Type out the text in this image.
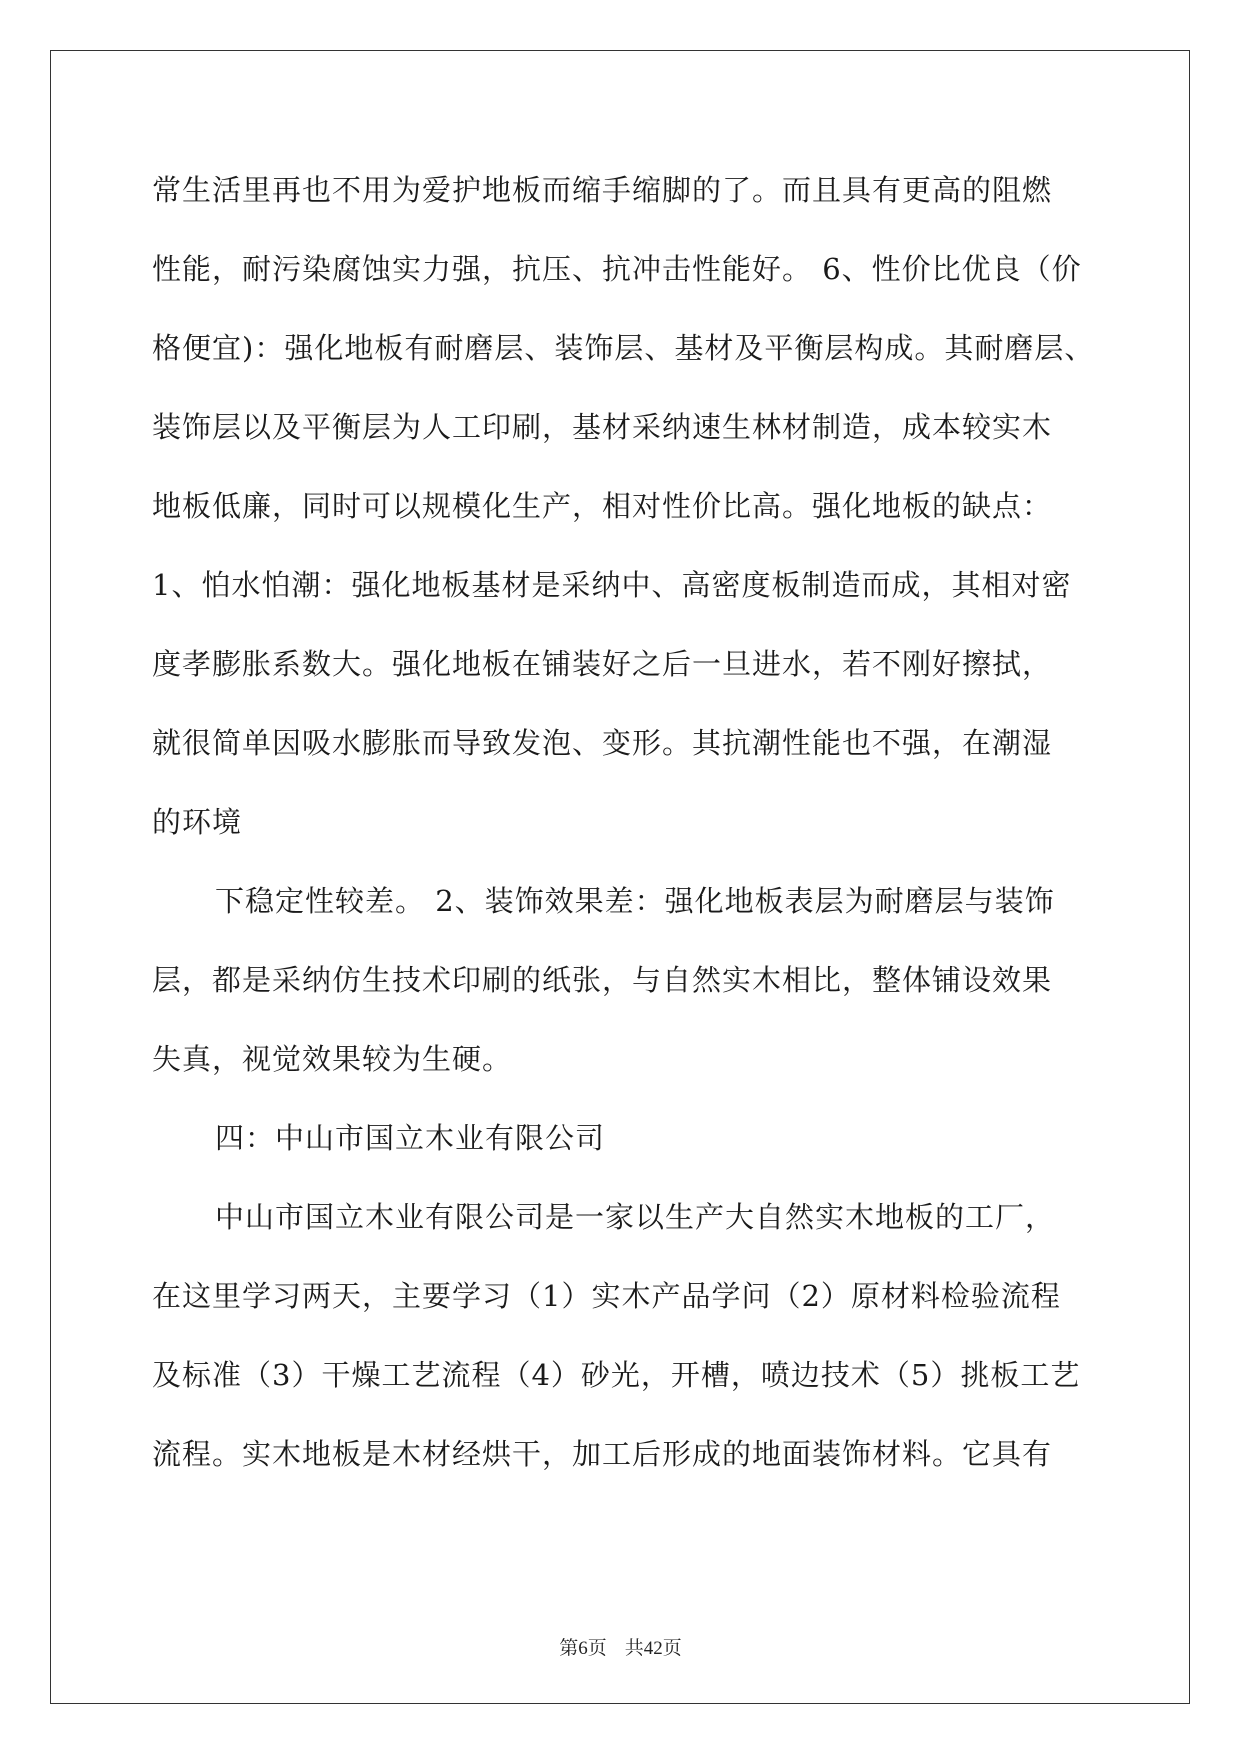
常生活里再也不用为爱护地板而缩手缩脚的了。而且具有更高的阻燃
性能，耐污染腐蚀实力强，抗压、抗冲击性能好。 6、性价比优良（价
格便宜)：强化地板有耐磨层、装饰层、基材及平衡层构成。其耐磨层、
装饰层以及平衡层为人工印刷，基材采纳速生林材制造，成本较实木
地板低廉，同时可以规模化生产，相对性价比高。强化地板的缺点：
1、怕水怕潮：强化地板基材是采纳中、高密度板制造而成，其相对密
度孝膨胀系数大。强化地板在铺装好之后一旦进水，若不刚好擦拭，
就很简单因吸水膨胀而导致发泡、变形。其抗潮性能也不强，在潮湿
的环境
下稳定性较差。 2、装饰效果差：强化地板表层为耐磨层与装饰
层，都是采纳仿生技术印刷的纸张，与自然实木相比，整体铺设效果
失真，视觉效果较为生硬。
四：中山市国立木业有限公司
中山市国立木业有限公司是一家以生产大自然实木地板的工厂，
在这里学习两天，主要学习（1）实木产品学问（2）原材料检验流程
及标准（3）干燥工艺流程（4）砂光，开槽，喷边技术（5）挑板工艺
流程。实木地板是木材经烘干，加工后形成的地面装饰材料。它具有
第6页 共42页
